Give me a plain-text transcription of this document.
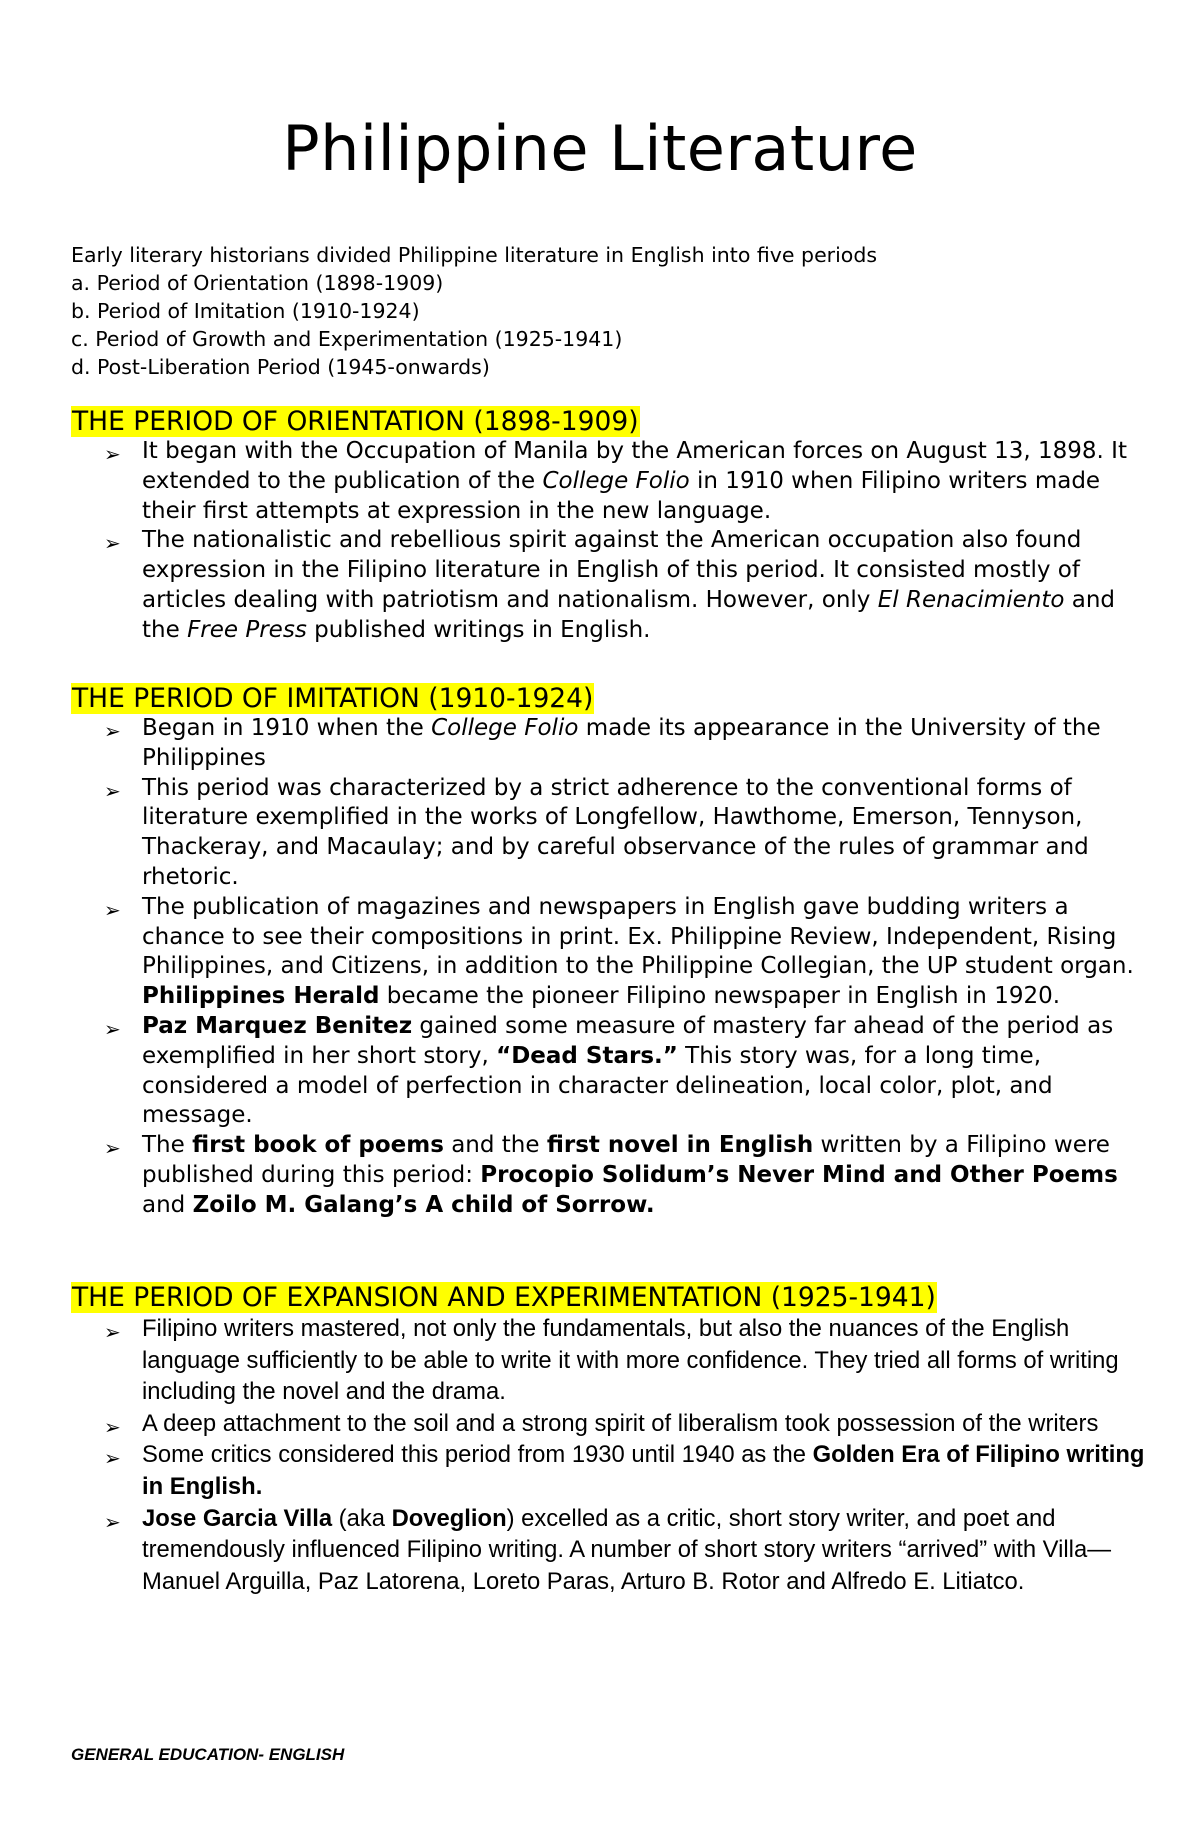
Philippine Literature
Early literary historians divided Philippine literature in English into five periods
a. Period of Orientation (1898-1909)
b. Period of Imitation (1910-1924)
c. Period of Growth and Experimentation (1925-1941)
d. Post-Liberation Period (1945-onwards)
THE PERIOD OF ORIENTATION (1898-1909)
➢ It began with the Occupation of Manila by the American forces on August 13, 1898. It extended to the publication of the College Folio in 1910 when Filipino writers made their first attempts at expression in the new language.
➢ The nationalistic and rebellious spirit against the American occupation also found expression in the Filipino literature in English of this period. It consisted mostly of articles dealing with patriotism and nationalism. However, only El Renacimiento and the Free Press published writings in English.
THE PERIOD OF IMITATION (1910-1924)
➢ Began in 1910 when the College Folio made its appearance in the University of the Philippines
➢ This period was characterized by a strict adherence to the conventional forms of literature exemplified in the works of Longfellow, Hawthome, Emerson, Tennyson, Thackeray, and Macaulay; and by careful observance of the rules of grammar and rhetoric.
➢ The publication of magazines and newspapers in English gave budding writers a chance to see their compositions in print. Ex. Philippine Review, Independent, Rising Philippines, and Citizens, in addition to the Philippine Collegian, the UP student organ. Philippines Herald became the pioneer Filipino newspaper in English in 1920.
➢ Paz Marquez Benitez gained some measure of mastery far ahead of the period as exemplified in her short story, “Dead Stars.” This story was, for a long time, considered a model of perfection in character delineation, local color, plot, and message.
➢ The first book of poems and the first novel in English written by a Filipino were published during this period: Procopio Solidum’s Never Mind and Other Poems and Zoilo M. Galang’s A child of Sorrow.
THE PERIOD OF EXPANSION AND EXPERIMENTATION (1925-1941)
➢ Filipino writers mastered, not only the fundamentals, but also the nuances of the English language sufficiently to be able to write it with more confidence. They tried all forms of writing including the novel and the drama.
➢ A deep attachment to the soil and a strong spirit of liberalism took possession of the writers
➢ Some critics considered this period from 1930 until 1940 as the Golden Era of Filipino writing in English.
➢ Jose Garcia Villa (aka Doveglion) excelled as a critic, short story writer, and poet and tremendously influenced Filipino writing. A number of short story writers “arrived” with Villa—Manuel Arguilla, Paz Latorena, Loreto Paras, Arturo B. Rotor and Alfredo E. Litiatco.
GENERAL EDUCATION- ENGLISH
